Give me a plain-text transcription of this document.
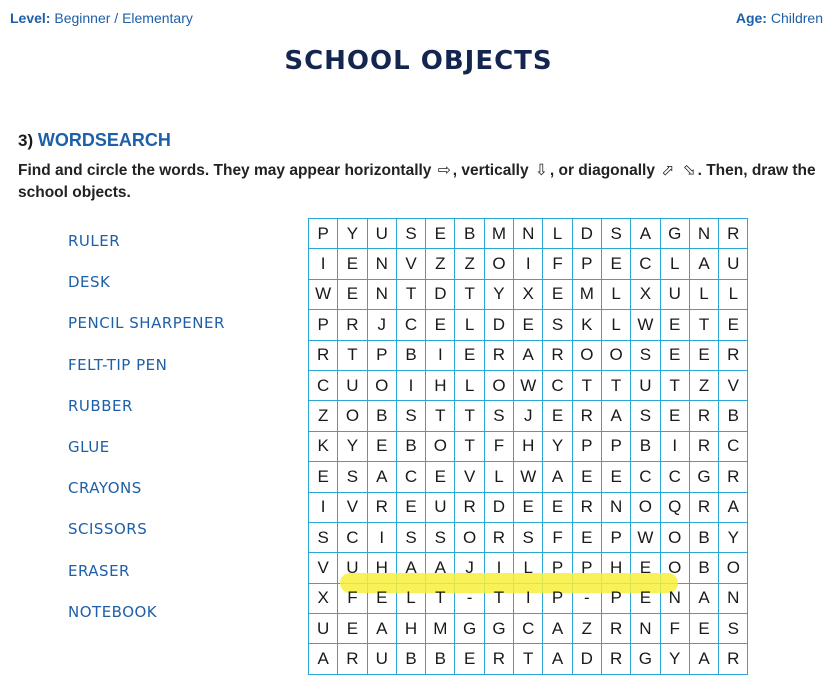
Level: Beginner / Elementary	Age: Children
SCHOOL OBJECTS
3) WORDSEARCH
Find and circle the words. They may appear horizontally ⇨ , vertically ⇩ , or diagonally ⬀ ⬂ . Then, draw the school objects.
RULER
DESK
PENCIL SHARPENER
FELT-TIP PEN
RUBBER
GLUE
CRAYONS
SCISSORS
ERASER
NOTEBOOK
P	Y	U	S	E	B	M	N	L	D	S	A	G	N	R
I	E	N	V	Z	Z	O	I	F	P	E	C	L	A	U
W	E	N	T	D	T	Y	X	E	M	L	X	U	L	L
P	R	J	C	E	L	D	E	S	K	L	W	E	T	E
R	T	P	B	I	E	R	A	R	O	O	S	E	E	R
C	U	O	I	H	L	O	W	C	T	T	U	T	Z	V
Z	O	B	S	T	T	S	J	E	R	A	S	E	R	B
K	Y	E	B	O	T	F	H	Y	P	P	B	I	R	C
E	S	A	C	E	V	L	W	A	E	E	C	C	G	R
I	V	R	E	U	R	D	E	E	R	N	O	Q	R	A
S	C	I	S	S	O	R	S	F	E	P	W	O	B	Y
V	U	H	A	A	J	I	L	P	P	H	E	O	B	O
X	F	E	L	T	-	T	I	P	-	P	E	N	A	N
U	E	A	H	M	G	G	C	A	Z	R	N	F	E	S
A	R	U	B	B	E	R	T	A	D	R	G	Y	A	R
